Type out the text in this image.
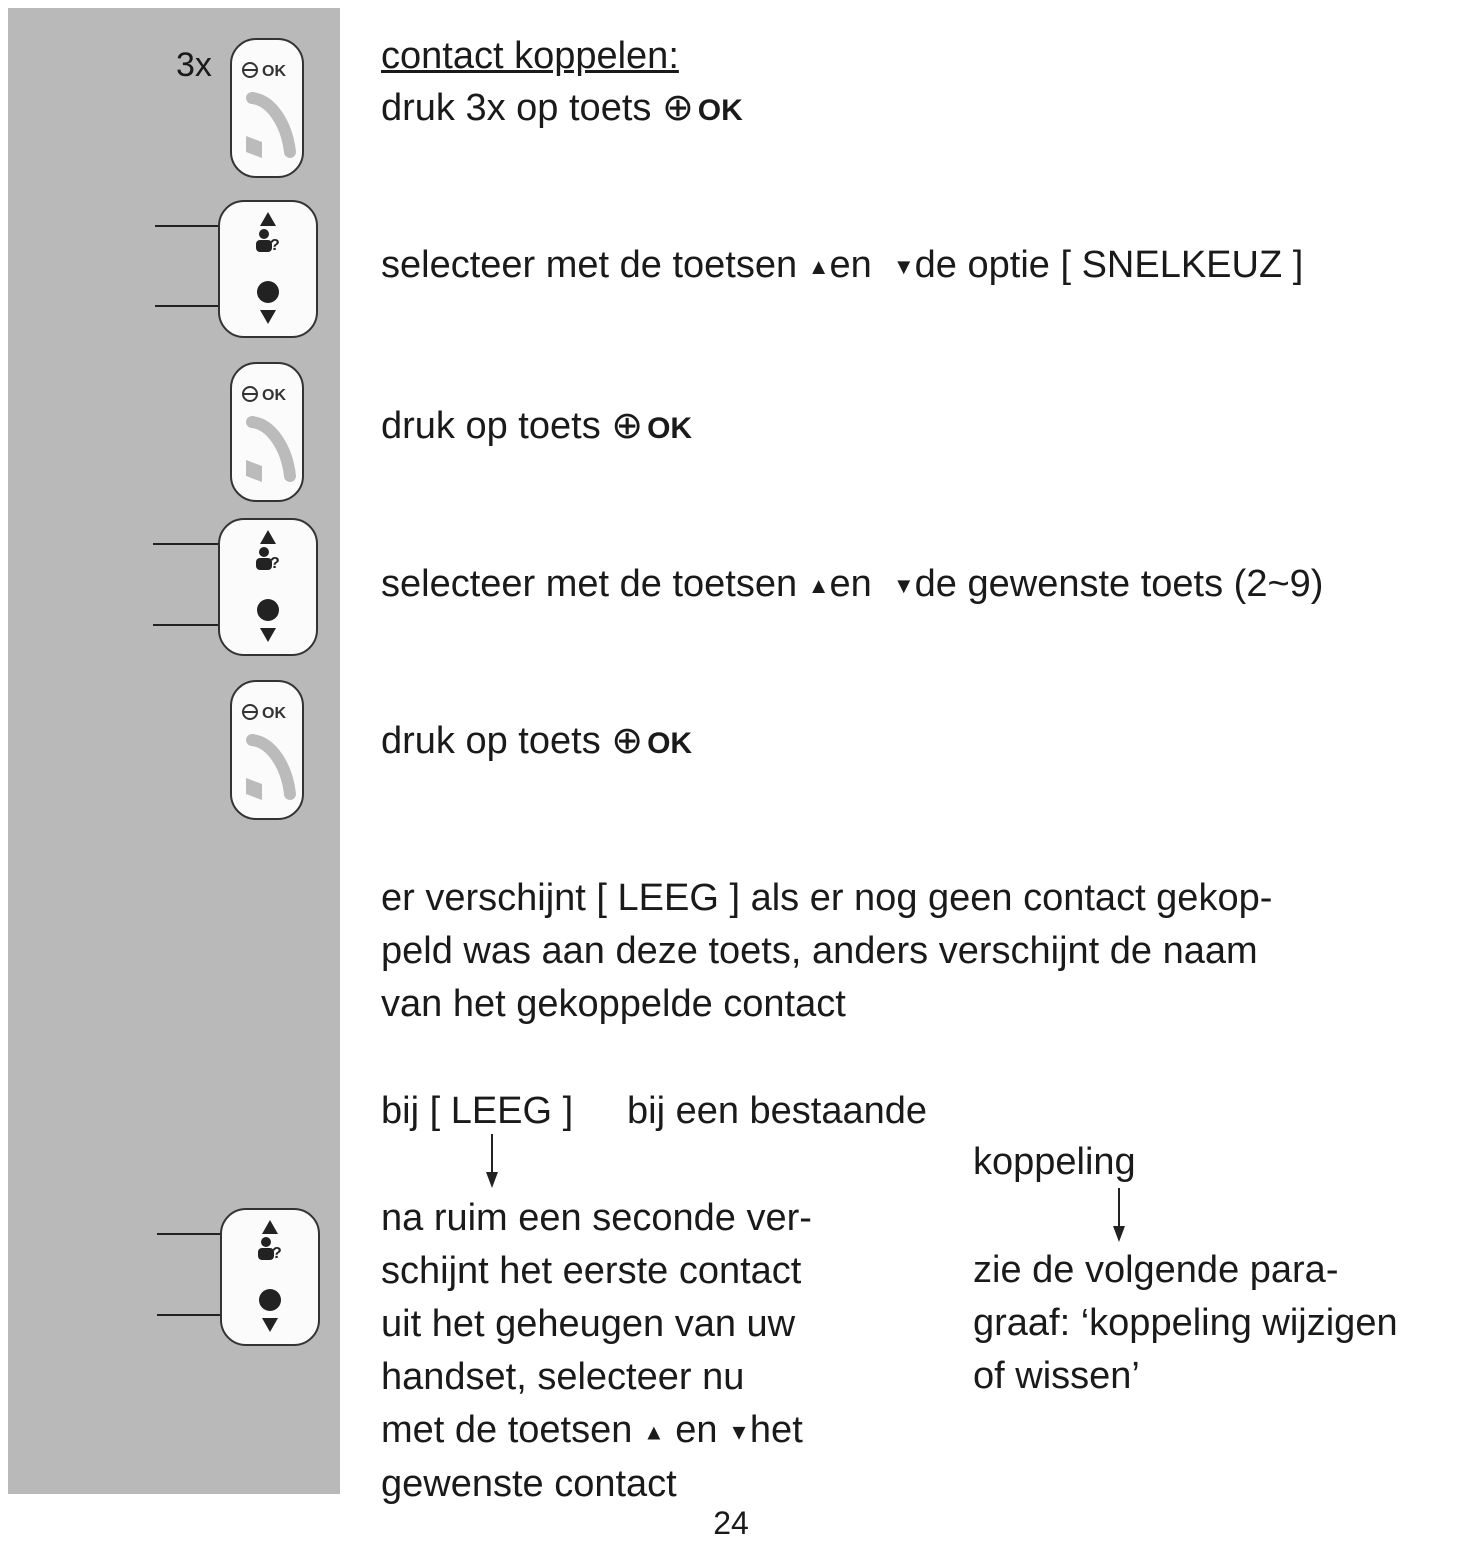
3x	OK
?
OK
?
OK
?
contact koppelen:
druk 3x op toets ⊕ OK
selecteer met de toetsen ▲en ▼de optie [ SNELKEUZ ]
druk op toets ⊕ OK
selecteer met de toetsen ▲en ▼de gewenste toets (2~9)
druk op toets ⊕ OK
er verschijnt [ LEEG ] als er nog geen contact gekop-
peld was aan deze toets, anders verschijnt de naam
van het gekoppelde contact
bij [ LEEG ] bij een bestaande
koppeling
na ruim een seconde ver-
schijnt het eerste contact
uit het geheugen van uw
handset, selecteer nu
met de toetsen ▲ en ▼het
gewenste contact
zie de volgende para-
graaf: ‘koppeling wijzigen
of wissen’
24
